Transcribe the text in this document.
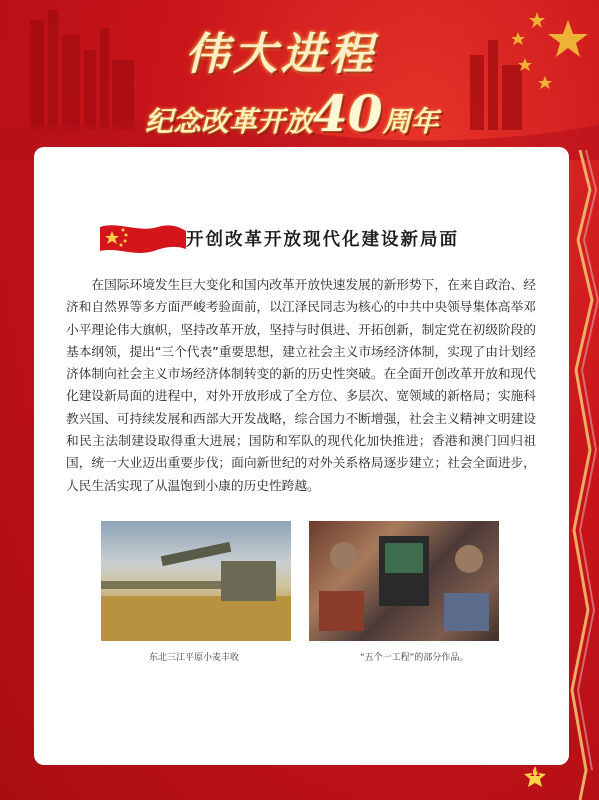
伟大进程
纪念改革开放40周年
开创改革开放现代化建设新局面

在国际环境发生巨大变化和国内改革开放快速发展的新形势下，在来自政治、经济和自然界等多方面严峻考验面前，以江泽民同志为核心的中共中央领导集体高举邓小平理论伟大旗帜，坚持改革开放，坚持与时俱进、开拓创新，制定党在初级阶段的基本纲领，提出“三个代表”重要思想，建立社会主义市场经济体制，实现了由计划经济体制向社会主义市场经济体制转变的新的历史性突破。在全面开创改革开放和现代化建设新局面的进程中，对外开放形成了全方位、多层次、宽领域的新格局；实施科教兴国、可持续发展和西部大开发战略，综合国力不断增强，社会主义精神文明建设和民主法制建设取得重大进展；国防和军队的现代化加快推进；香港和澳门回归祖国，统一大业迈出重要步伐；面向新世纪的对外关系格局逐步建立；社会全面进步，人民生活实现了从温饱到小康的历史性跨越。

东北三江平原小麦丰收	“五个一工程”的部分作品。
11
